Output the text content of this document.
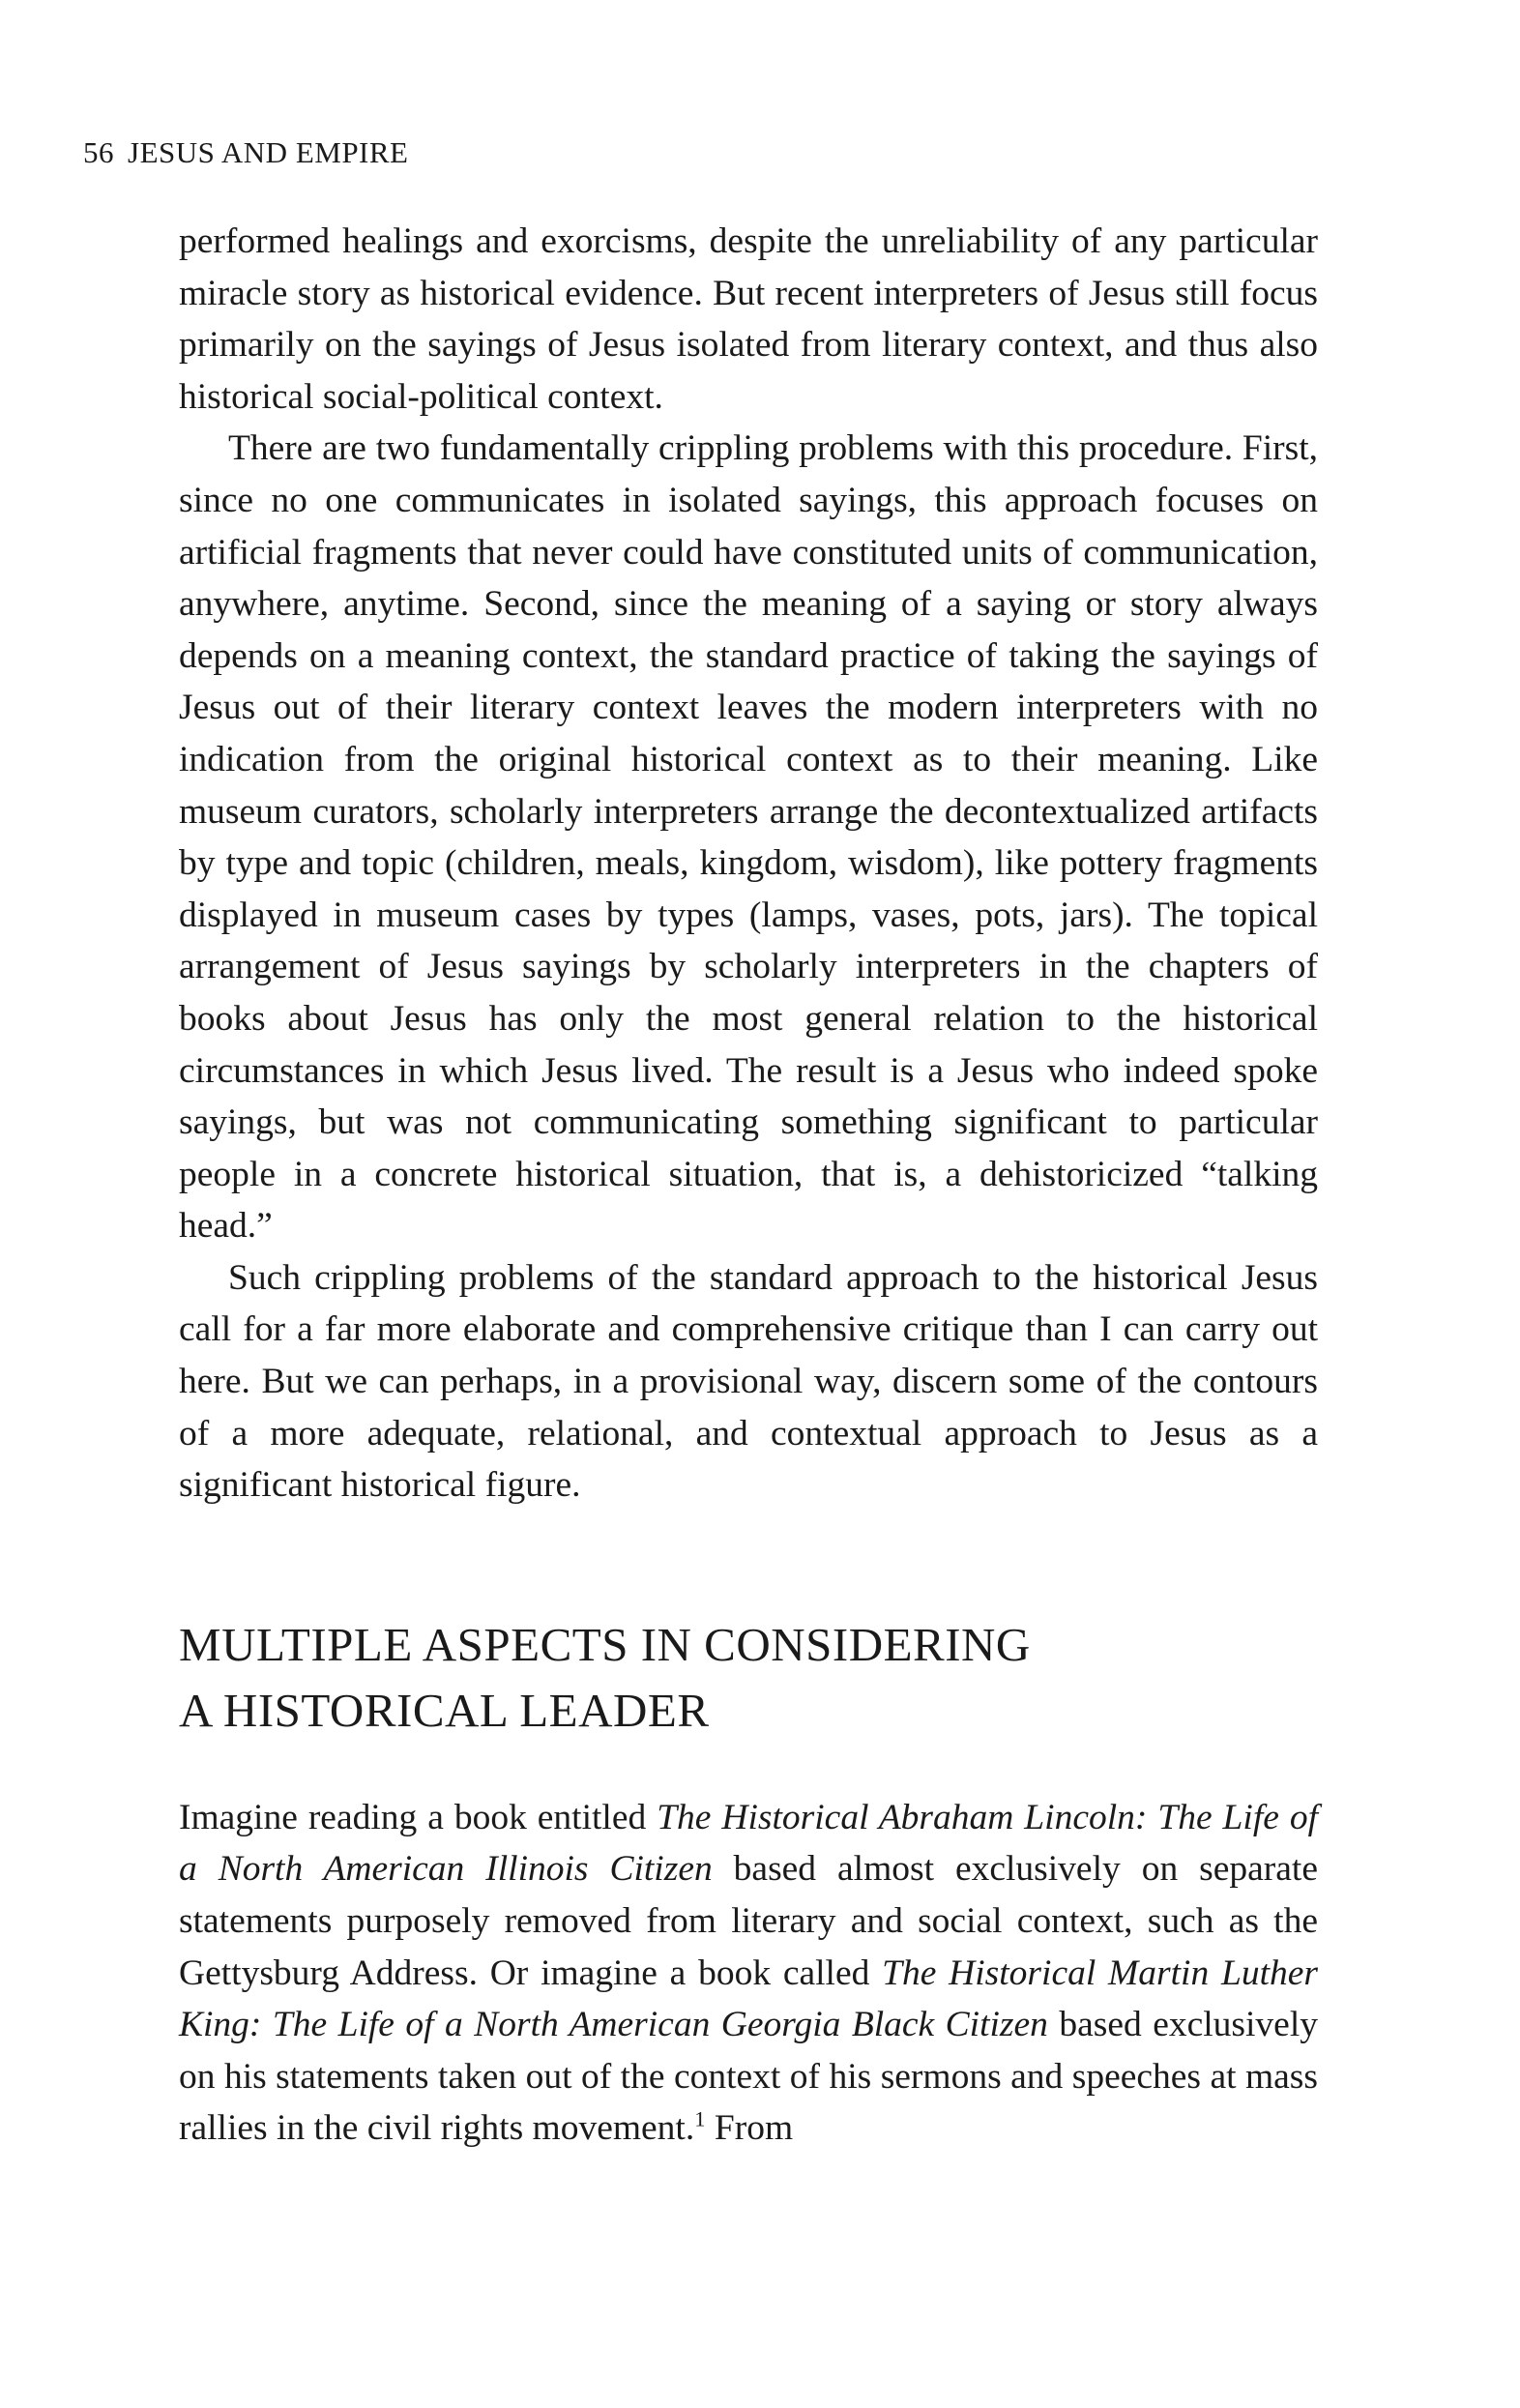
56 JESUS AND EMPIRE

performed healings and exorcisms, despite the unreliability of any particular miracle story as historical evidence. But recent interpreters of Jesus still focus primarily on the sayings of Jesus isolated from literary context, and thus also historical social-political context.

There are two fundamentally crippling problems with this procedure. First, since no one communicates in isolated sayings, this approach focuses on artificial fragments that never could have constituted units of communication, anywhere, anytime. Second, since the meaning of a saying or story always depends on a meaning context, the standard practice of taking the sayings of Jesus out of their literary context leaves the modern interpreters with no indication from the original historical context as to their meaning. Like museum curators, scholarly interpreters arrange the decontextualized artifacts by type and topic (children, meals, kingdom, wisdom), like pottery fragments displayed in museum cases by types (lamps, vases, pots, jars). The topical arrangement of Jesus sayings by scholarly interpreters in the chapters of books about Jesus has only the most general relation to the historical circumstances in which Jesus lived. The result is a Jesus who indeed spoke sayings, but was not communicating something significant to particular people in a concrete historical situation, that is, a dehistoricized “talking head.”

Such crippling problems of the standard approach to the historical Jesus call for a far more elaborate and comprehensive critique than I can carry out here. But we can perhaps, in a provisional way, discern some of the contours of a more adequate, relational, and contextual approach to Jesus as a significant historical figure.

MULTIPLE ASPECTS IN CONSIDERING
A HISTORICAL LEADER

Imagine reading a book entitled The Historical Abraham Lincoln: The Life of a North American Illinois Citizen based almost exclusively on separate statements purposely removed from literary and social context, such as the Gettysburg Address. Or imagine a book called The Historical Martin Luther King: The Life of a North American Georgia Black Citizen based exclusively on his statements taken out of the context of his sermons and speeches at mass rallies in the civil rights movement.$^1$ From
